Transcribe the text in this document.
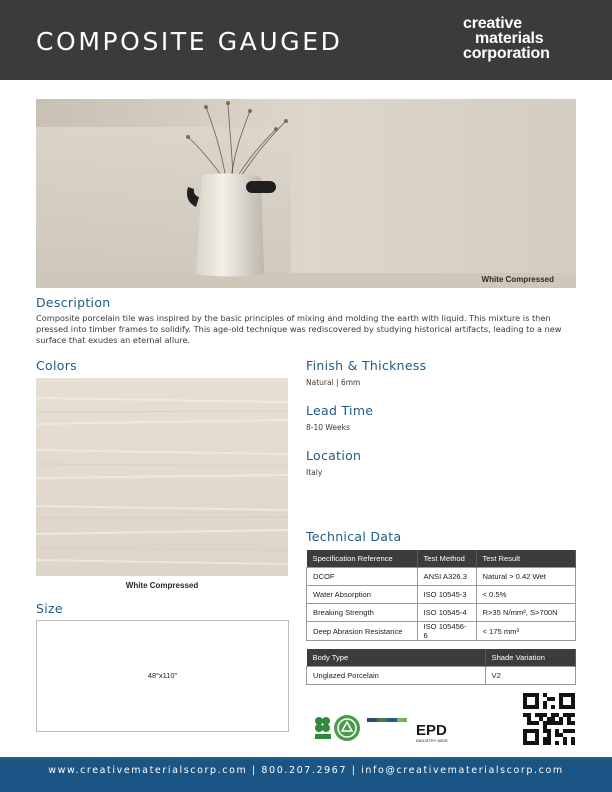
COMPOSITE GAUGED
creative
materials
corporation
White Compressed
Description
Composite porcelain tile was inspired by the basic principles of mixing and molding the earth with liquid. This mixture is then pressed into timber frames to solidify. This age-old technique was rediscovered by studying historical artifacts, leading to a new surface that exudes an eternal allure.
Colors
White Compressed
Finish & Thickness
Natural | 6mm
Lead Time
8-10 Weeks
Location
Italy
Size
48"x110"
Technical Data
Specification Reference	Test Method	Test Result
DCOF	ANSI A326.3	Natural > 0.42 Wet
Water Absorption	ISO 10545-3	< 0.5%
Breaking Strength	ISO 10545-4	R>35 N/mm², S>700N
Deep Abrasion Resistance	ISO 105456-6	< 175 mm³
Body Type	Shade Variation
Unglazed Porcelain	V2
EPD
INDUSTRY WIDE
www.creativematerialscorp.com | 800.207.2967 | info@creativematerialscorp.com
